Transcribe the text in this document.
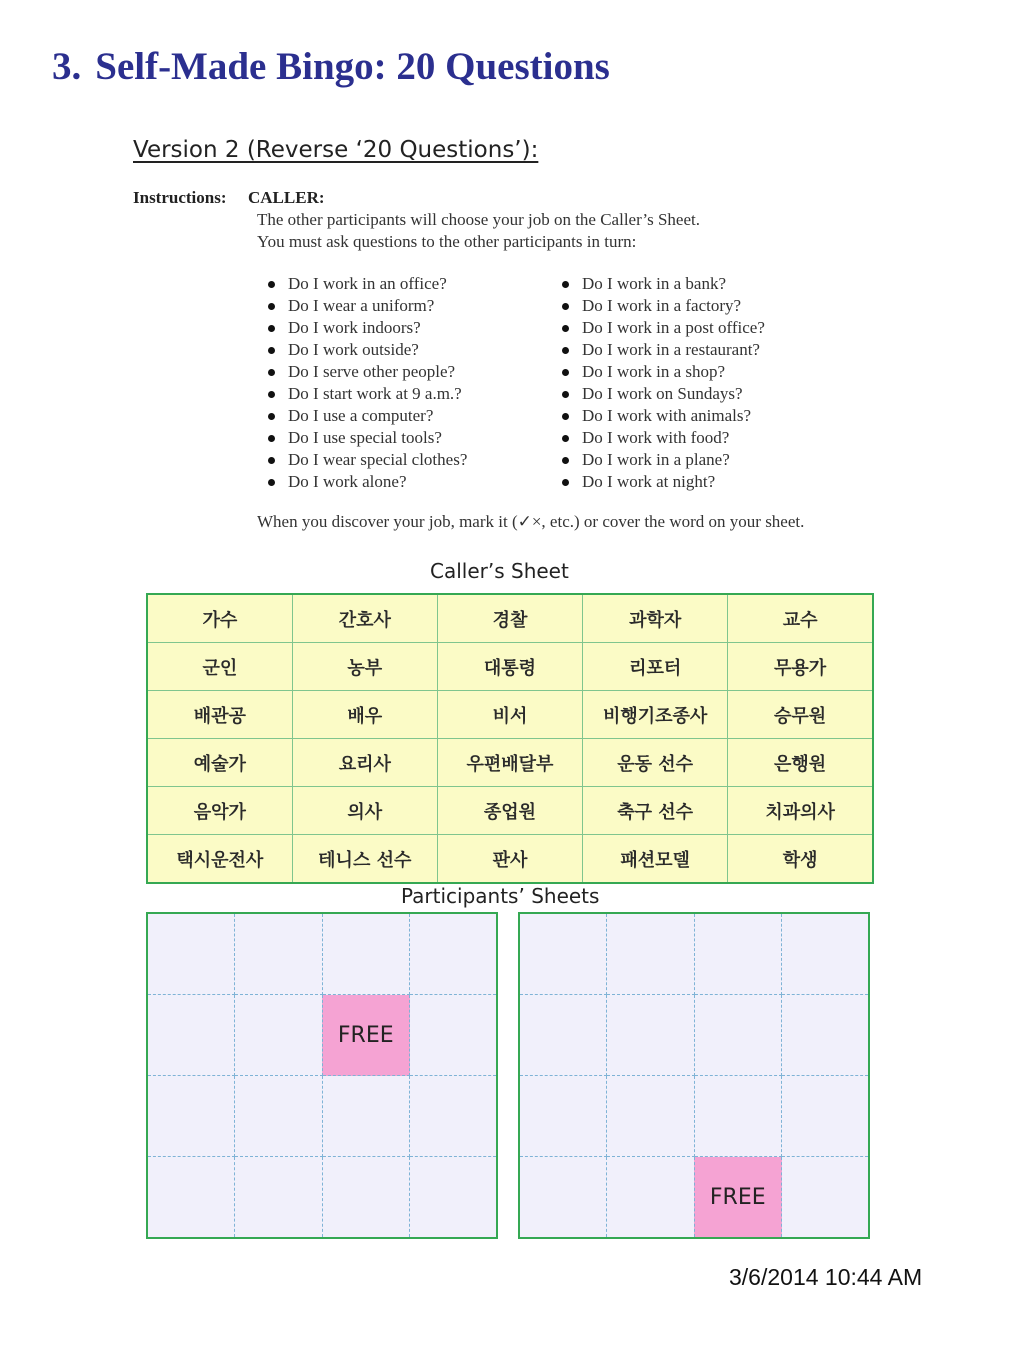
3. Self-Made Bingo: 20 Questions
Version 2 (Reverse ‘20 Questions’):
Instructions: CALLER:
The other participants will choose your job on the Caller’s Sheet.
You must ask questions to the other participants in turn:
Do I work in an office?
Do I wear a uniform?
Do I work indoors?
Do I work outside?
Do I serve other people?
Do I start work at 9 a.m.?
Do I use a computer?
Do I use special tools?
Do I wear special clothes?
Do I work alone?
Do I work in a bank?
Do I work in a factory?
Do I work in a post office?
Do I work in a restaurant?
Do I work in a shop?
Do I work on Sundays?
Do I work with animals?
Do I work with food?
Do I work in a plane?
Do I work at night?
When you discover your job, mark it (✓×, etc.) or cover the word on your sheet.
Caller’s Sheet
가수	간호사	경찰	과학자	교수
군인	농부	대통령	리포터	무용가
배관공	배우	비서	비행기조종사	승무원
예술가	요리사	우편배달부	운동 선수	은행원
음악가	의사	종업원	축구 선수	치과의사
택시운전사	테니스 선수	판사	패션모델	학생
Participants’ Sheets

		FREE	

		FREE	
3/6/2014 10:44 AM
